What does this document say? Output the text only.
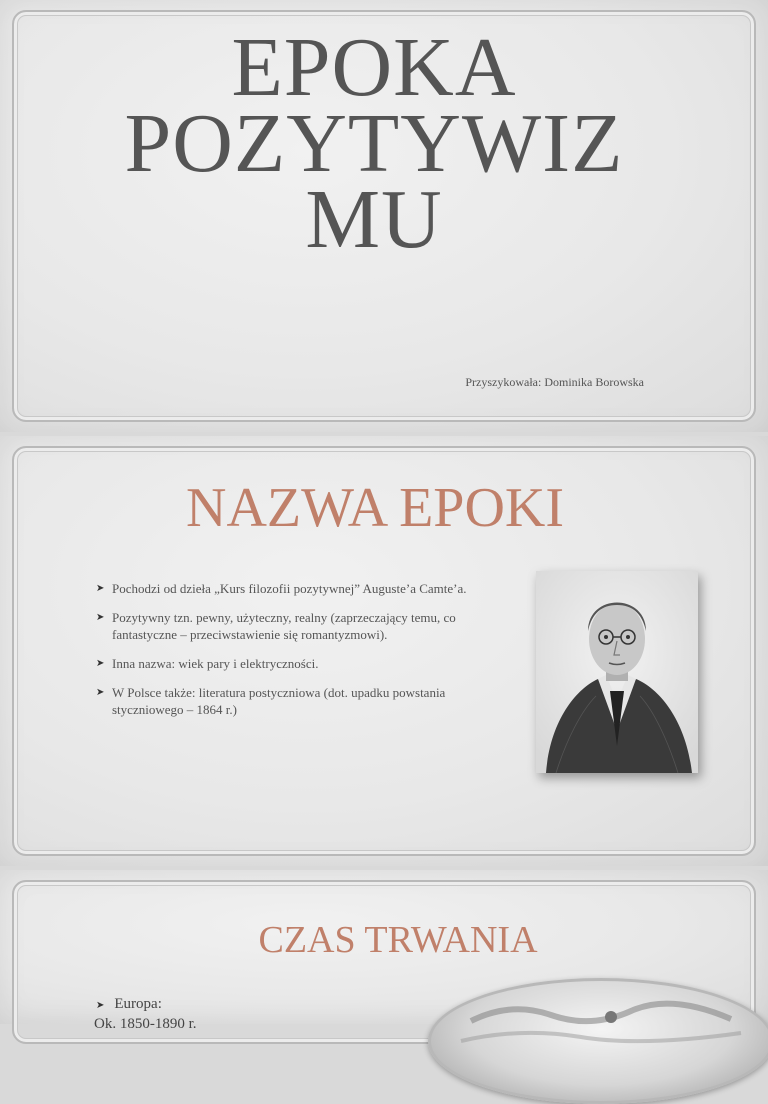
EPOKA
POZYTYWIZ
MU
Przyszykowała: Dominika Borowska
NAZWA EPOKI
➤ Pochodzi od dzieła „Kurs filozofii pozytywnej” Auguste’a Camte’a.
➤ Pozytywny tzn. pewny, użyteczny, realny (zaprzeczający temu, co fantastyczne – przeciwstawienie się romantyzmowi).
➤ Inna nazwa: wiek pary i elektryczności.
➤ W Polsce także: literatura postyczniowa (dot. upadku powstania styczniowego – 1864 r.)
CZAS TRWANIA
➤ Europa:
Ok. 1850-1890 r.
